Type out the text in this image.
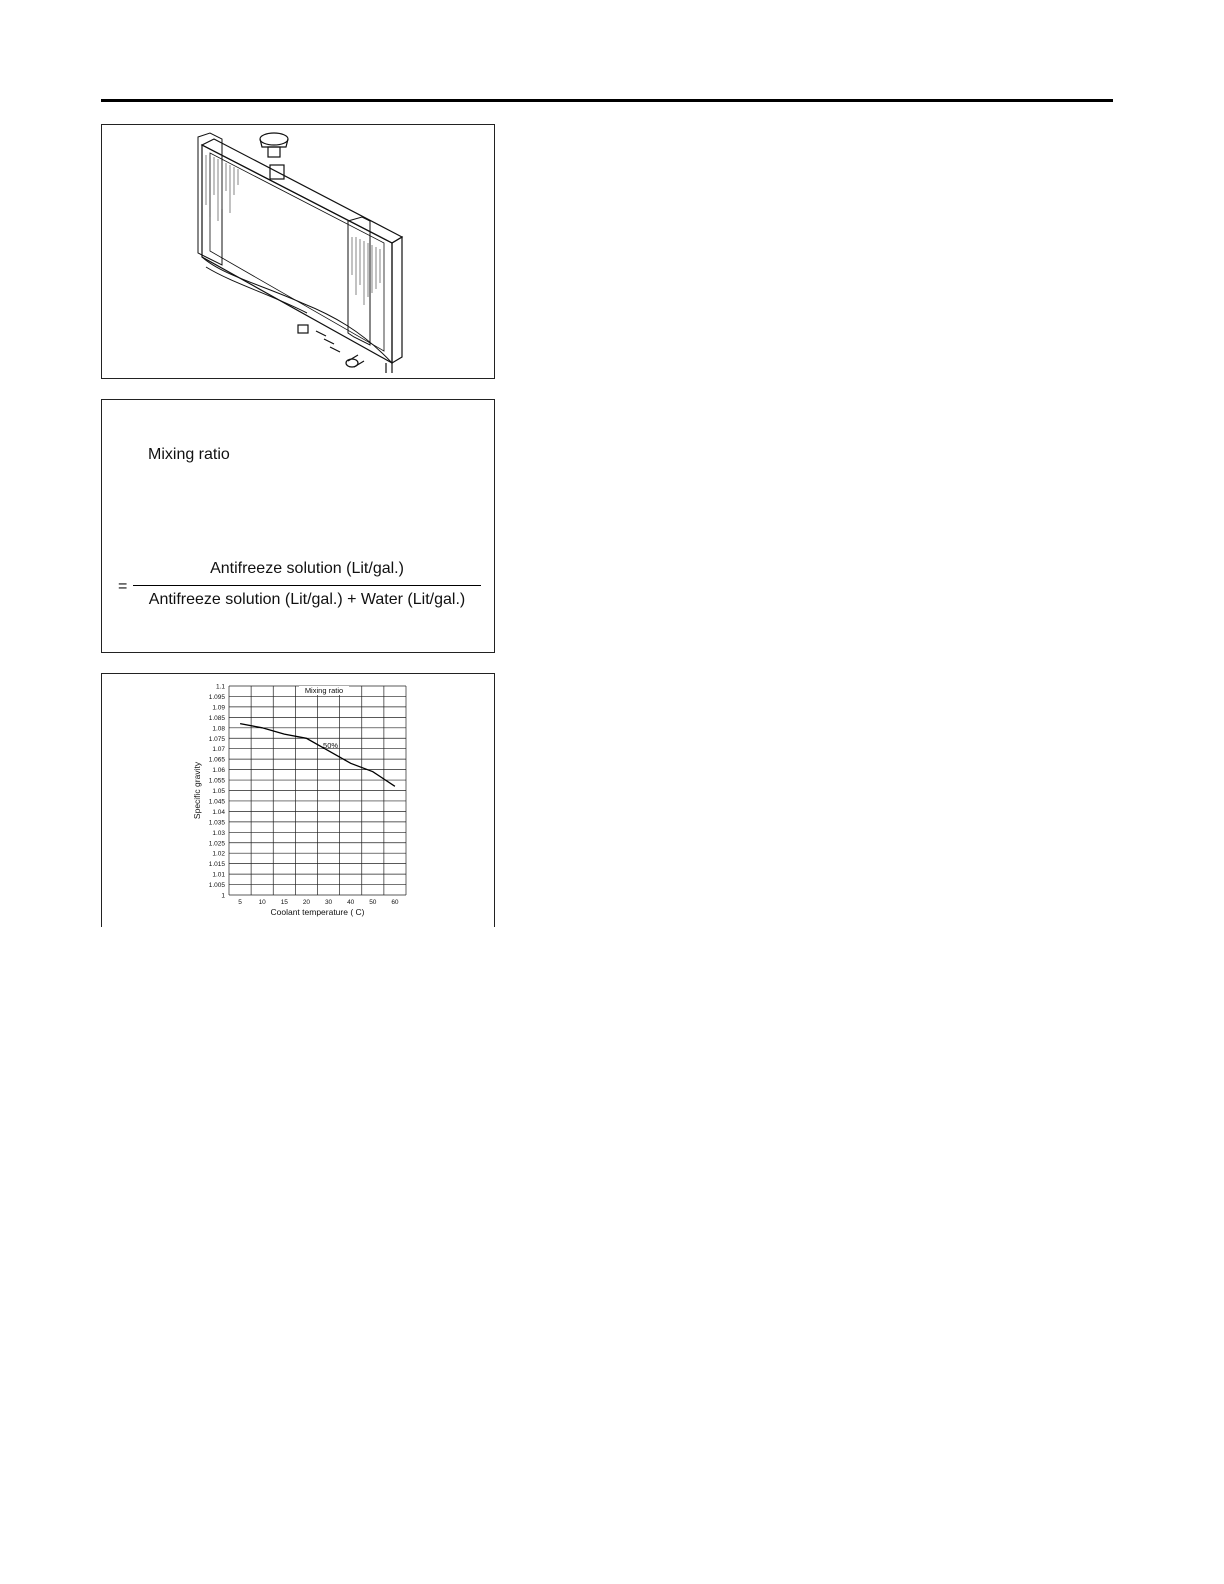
Mixing ratio
=
Antifreeze solution (Lit/gal.)
Antifreeze solution (Lit/gal.) + Water (Lit/gal.)
1.1
1.095
1.09
1.085
1.08
1.075
1.07
1.065
1.06
1.055
1.05
1.045
1.04
1.035
1.03
1.025
1.02
1.015
1.01
1.005
1
5	10 15 20 30 40 50 60
Coolant temperature ( C)
Specific gravity
Mixing ratio
50%
